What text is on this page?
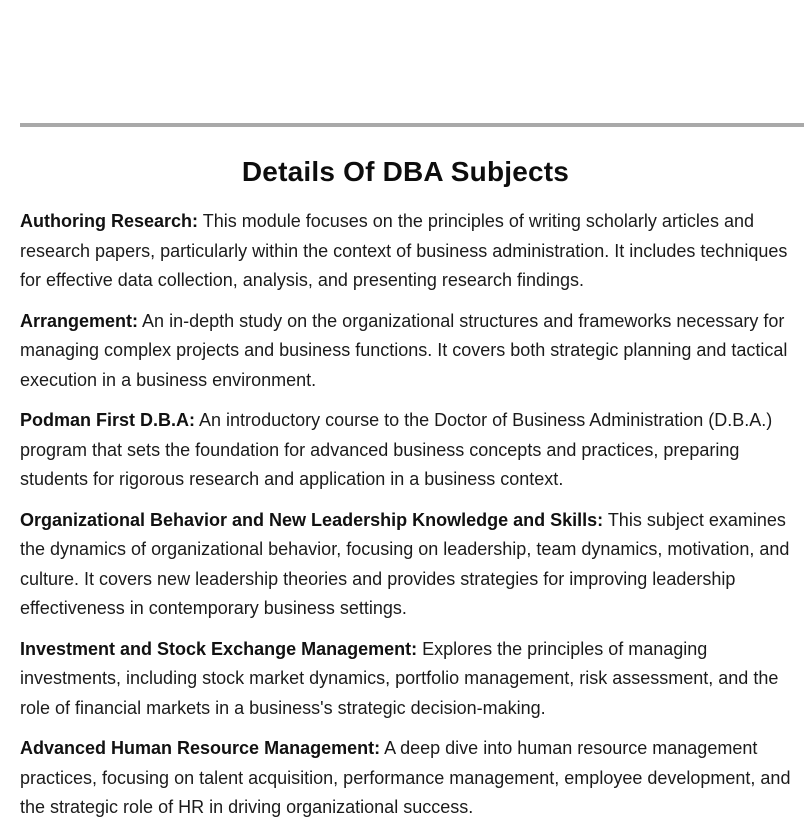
Details Of DBA Subjects

Authoring Research: This module focuses on the principles of writing scholarly articles and research papers, particularly within the context of business administration. It includes techniques for effective data collection, analysis, and presenting research findings.

Arrangement: An in-depth study on the organizational structures and frameworks necessary for managing complex projects and business functions. It covers both strategic planning and tactical execution in a business environment.

Podman First D.B.A: An introductory course to the Doctor of Business Administration (D.B.A.) program that sets the foundation for advanced business concepts and practices, preparing students for rigorous research and application in a business context.

Organizational Behavior and New Leadership Knowledge and Skills: This subject examines the dynamics of organizational behavior, focusing on leadership, team dynamics, motivation, and culture. It covers new leadership theories and provides strategies for improving leadership effectiveness in contemporary business settings.

Investment and Stock Exchange Management: Explores the principles of managing investments, including stock market dynamics, portfolio management, risk assessment, and the role of financial markets in a business's strategic decision-making.

Advanced Human Resource Management: A deep dive into human resource management practices, focusing on talent acquisition, performance management, employee development, and the strategic role of HR in driving organizational success.
